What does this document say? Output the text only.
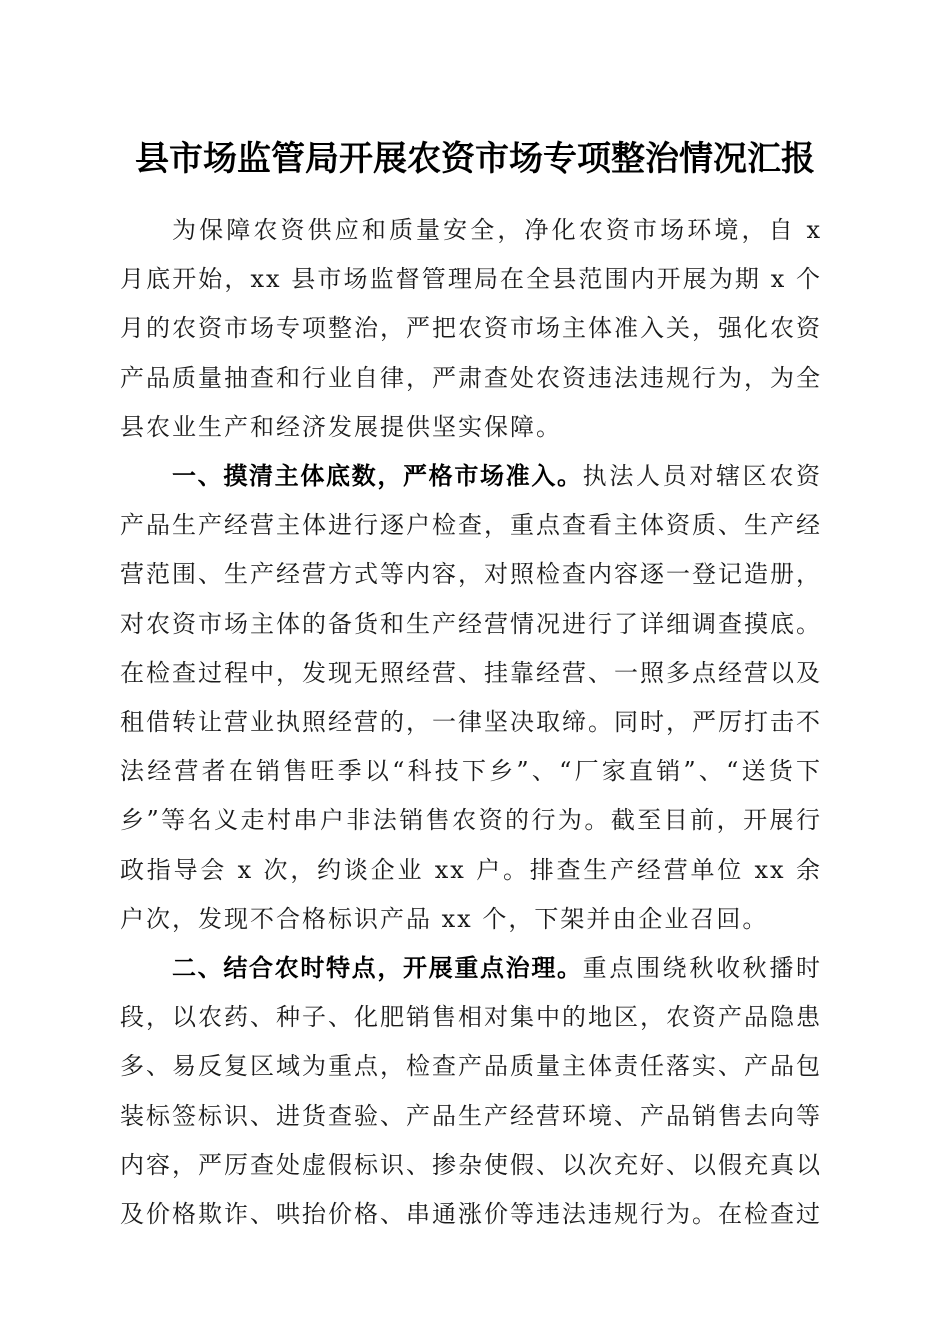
县市场监管局开展农资市场专项整治情况汇报

为保障农资供应和质量安全，净化农资市场环境，自 x 月底开始，xx 县市场监督管理局在全县范围内开展为期 x 个月的农资市场专项整治，严把农资市场主体准入关，强化农资产品质量抽查和行业自律，严肃查处农资违法违规行为，为全县农业生产和经济发展提供坚实保障。

一、摸清主体底数，严格市场准入。执法人员对辖区农资产品生产经营主体进行逐户检查，重点查看主体资质、生产经营范围、生产经营方式等内容，对照检查内容逐一登记造册，对农资市场主体的备货和生产经营情况进行了详细调查摸底。在检查过程中，发现无照经营、挂靠经营、一照多点经营以及租借转让营业执照经营的，一律坚决取缔。同时，严厉打击不法经营者在销售旺季以“科技下乡”、“厂家直销”、“送货下乡”等名义走村串户非法销售农资的行为。截至目前，开展行政指导会 x 次，约谈企业 xx 户。排查生产经营单位 xx 余户次，发现不合格标识产品 xx 个，下架并由企业召回。

二、结合农时特点，开展重点治理。重点围绕秋收秋播时段，以农药、种子、化肥销售相对集中的地区，农资产品隐患多、易反复区域为重点，检查产品质量主体责任落实、产品包装标签标识、进货查验、产品生产经营环境、产品销售去向等内容，严厉查处虚假标识、掺杂使假、以次充好、以假充真以及价格欺诈、哄抬价格、串通涨价等违法违规行为。在检查过
